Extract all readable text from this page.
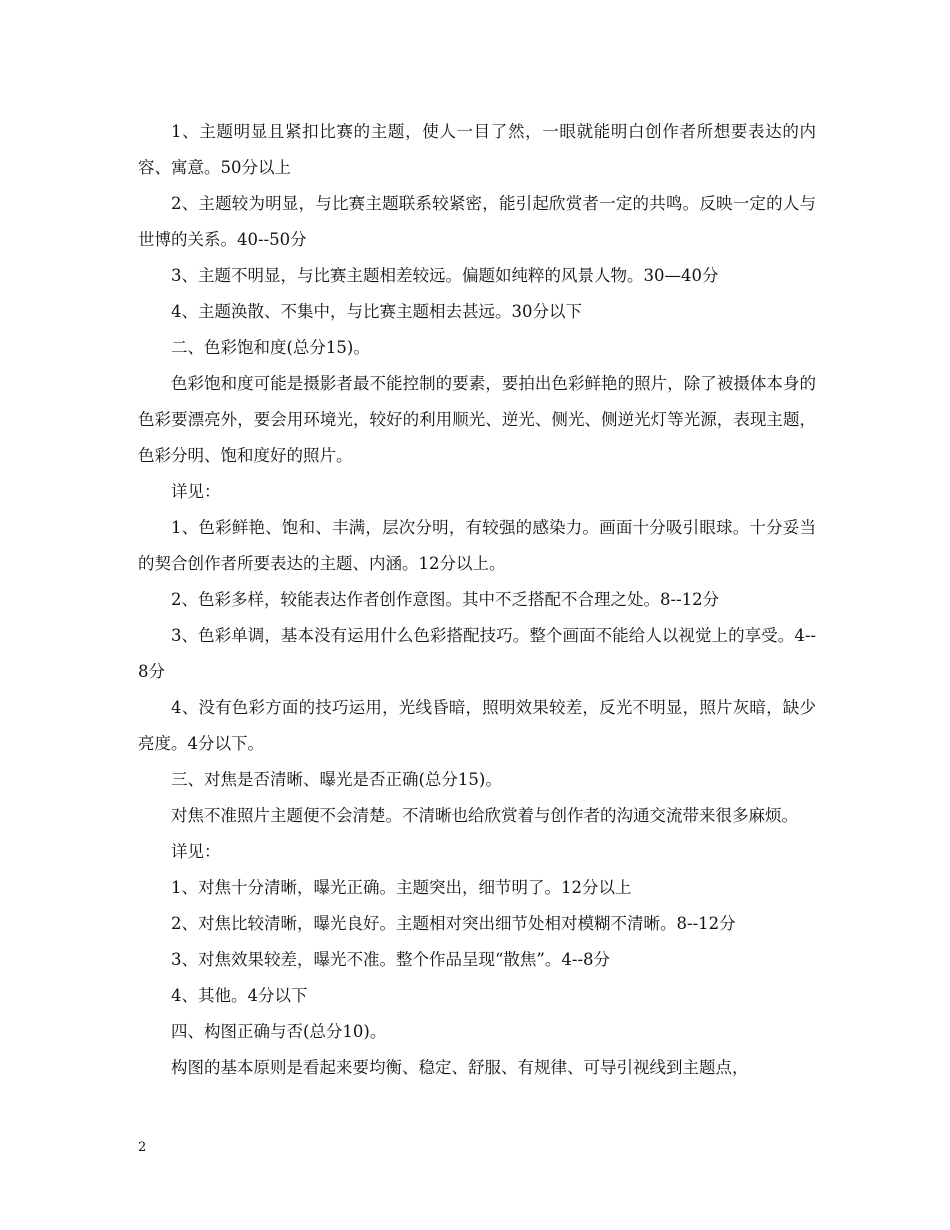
1、主题明显且紧扣比赛的主题，使人一目了然，一眼就能明白创作者所想要表达的内容、寓意。50分以上

2、主题较为明显，与比赛主题联系较紧密，能引起欣赏者一定的共鸣。反映一定的人与世博的关系。40--50分

3、主题不明显，与比赛主题相差较远。偏题如纯粹的风景人物。30—40分

4、主题涣散、不集中，与比赛主题相去甚远。30分以下

二、色彩饱和度(总分15)。

色彩饱和度可能是摄影者最不能控制的要素，要拍出色彩鲜艳的照片，除了被摄体本身的色彩要漂亮外，要会用环境光，较好的利用顺光、逆光、侧光、侧逆光灯等光源，表现主题，色彩分明、饱和度好的照片。

详见：

1、色彩鲜艳、饱和、丰满，层次分明，有较强的感染力。画面十分吸引眼球。十分妥当的契合创作者所要表达的主题、内涵。12分以上。

2、色彩多样，较能表达作者创作意图。其中不乏搭配不合理之处。8--12分

3、色彩单调，基本没有运用什么色彩搭配技巧。整个画面不能给人以视觉上的享受。4--8分

4、没有色彩方面的技巧运用，光线昏暗，照明效果较差，反光不明显，照片灰暗，缺少亮度。4分以下。

三、对焦是否清晰、曝光是否正确(总分15)。

对焦不准照片主题便不会清楚。不清晰也给欣赏着与创作者的沟通交流带来很多麻烦。

详见：

1、对焦十分清晰，曝光正确。主题突出，细节明了。12分以上

2、对焦比较清晰，曝光良好。主题相对突出细节处相对模糊不清晰。8--12分

3、对焦效果较差，曝光不准。整个作品呈现“散焦”。4--8分

4、其他。4分以下

四、构图正确与否(总分10)。

构图的基本原则是看起来要均衡、稳定、舒服、有规律、可导引视线到主题点，

2
